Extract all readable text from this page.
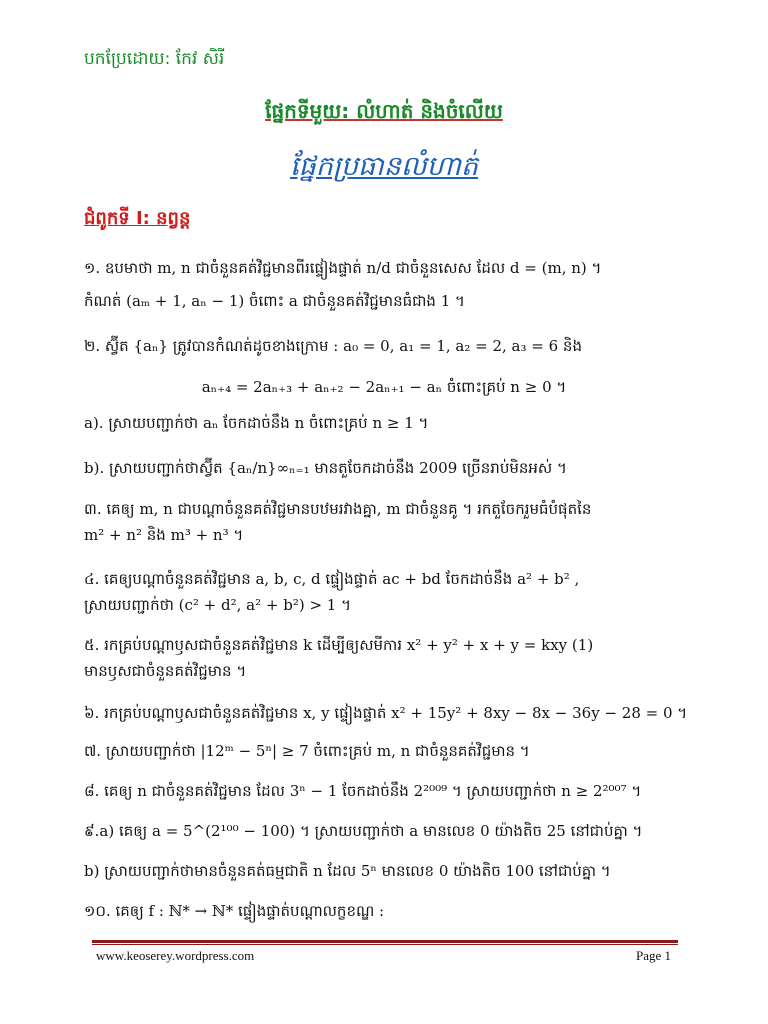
បកប្រែដោយ: កែវ សិរី
ផ្នែកទីមួយ: លំហាត់ និងចំលើយ
ផ្នែកប្រធានលំហាត់
ជំពូកទី I: នព្វន្ត
១. ឧបមាថា m, n ជាចំនួនគត់វិជ្ជមានពីរផ្ទៀងផ្ទាត់ n/d ជាចំនួនសេស ដែល d = (m, n) ។
កំណត់ (aₘ + 1, aₙ − 1) ចំពោះ a ជាចំនួនគត់វិជ្ជមានធំជាង 1 ។
២. ស្វ៊ីត {aₙ} ត្រូវបានកំណត់ដូចខាងក្រោម : a₀ = 0, a₁ = 1, a₂ = 2, a₃ = 6 និង
aₙ₊₄ = 2aₙ₊₃ + aₙ₊₂ − 2aₙ₊₁ − aₙ ចំពោះគ្រប់ n ≥ 0 ។
a). ស្រាយបញ្ជាក់ថា aₙ ចែកដាច់នឹង n ចំពោះគ្រប់ n ≥ 1 ។
b). ស្រាយបញ្ជាក់ថាស្វ៊ីត {aₙ/n}∞ₙ₌₁ មានតួចែកដាច់នឹង 2009 ច្រើនរាប់មិនអស់ ។
៣. គេឲ្យ m, n ជាបណ្ដាចំនួនគត់វិជ្ជមានបឋមរវាងគ្នា, m ជាចំនួនគូ ។ រកតួចែករួមធំបំផុតនៃ
m² + n² និង m³ + n³ ។
៤. គេឲ្យបណ្ដាចំនួនគត់វិជ្ជមាន a, b, c, d ផ្ទៀងផ្ទាត់ ac + bd ចែកដាច់នឹង a² + b² ,
ស្រាយបញ្ជាក់ថា (c² + d², a² + b²) > 1 ។
៥. រកគ្រប់បណ្ដាឫសជាចំនួនគត់វិជ្ជមាន k ដើម្បីឲ្យសមីការ x² + y² + x + y = kxy (1)
មានឫសជាចំនួនគត់វិជ្ជមាន ។
៦. រកគ្រប់បណ្ដាឫសជាចំនួនគត់វិជ្ជមាន x, y ផ្ទៀងផ្ទាត់ x² + 15y² + 8xy − 8x − 36y − 28 = 0 ។
៧. ស្រាយបញ្ជាក់ថា |12ᵐ − 5ⁿ| ≥ 7 ចំពោះគ្រប់ m, n ជាចំនួនគត់វិជ្ជមាន ។
៨. គេឲ្យ n ជាចំនួនគត់វិជ្ជមាន ដែល 3ⁿ − 1 ចែកដាច់នឹង 2²⁰⁰⁹ ។ ស្រាយបញ្ជាក់ថា n ≥ 2²⁰⁰⁷ ។
៩.a) គេឲ្យ a = 5^(2¹⁰⁰ − 100) ។ ស្រាយបញ្ជាក់ថា a មានលេខ 0 យ៉ាងតិច 25 នៅជាប់គ្នា ។
b) ស្រាយបញ្ជាក់ថាមានចំនួនគត់ធម្មជាតិ n ដែល 5ⁿ មានលេខ 0 យ៉ាងតិច 100 នៅជាប់គ្នា ។
១០. គេឲ្យ f : ℕ* → ℕ* ផ្ទៀងផ្ទាត់បណ្ដាលក្ខខណ្ឌ :
www.keoserey.wordpress.com	Page 1
